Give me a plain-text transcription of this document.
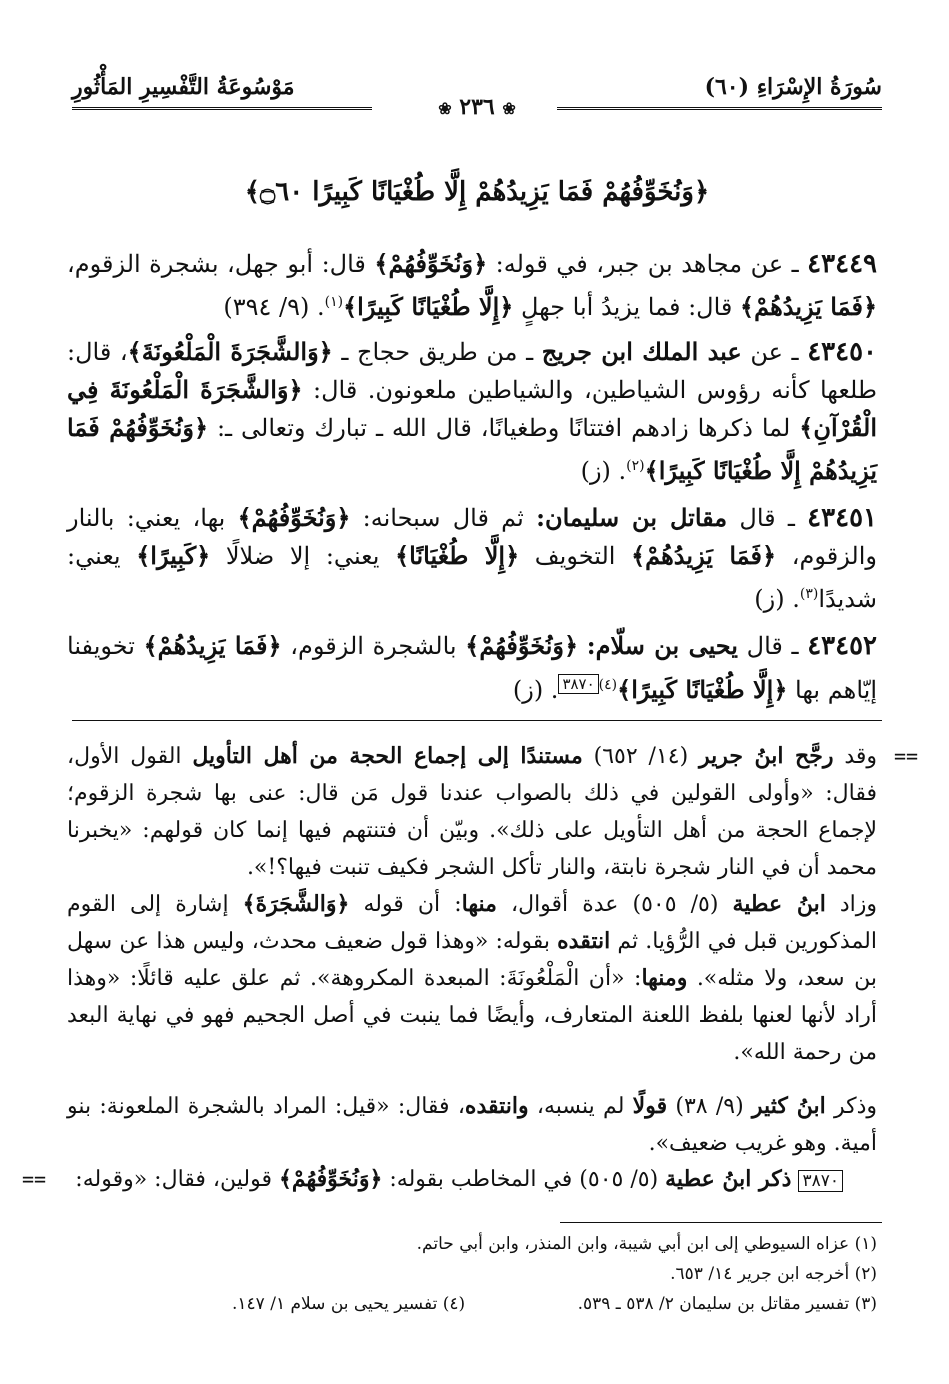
سُورَةُ الإِسْرَاءِ (٦٠)
مَوْسُوعَةُ التَّفْسِيرِ المَأْثُورِ
❀ ٢٣٦ ❀
﴿وَنُخَوِّفُهُمْ فَمَا يَزِيدُهُمْ إِلَّا طُغْيَانًا كَبِيرًا ۝٦٠﴾
٤٣٤٤٩ ـ عن مجاهد بن جبر، في قوله: ﴿وَنُخَوِّفُهُمْ﴾ قال: أبو جهل، بشجرة الزقوم، ﴿فَمَا يَزِيدُهُمْ﴾ قال: فما يزيدُ أبا جهلٍ ﴿إِلَّا طُغْيَانًا كَبِيرًا﴾$^{(١)}$. (٩/ ٣٩٤)
٤٣٤٥٠ ـ عن عبد الملك ابن جريج ـ من طريق حجاج ـ ﴿وَالشَّجَرَةَ الْمَلْعُونَةَ﴾، قال: طلعها كأنه رؤوس الشياطين، والشياطين ملعونون. قال: ﴿وَالشَّجَرَةَ الْمَلْعُونَةَ فِي الْقُرْآنِ﴾ لما ذكرها زادهم افتتانًا وطغيانًا، قال الله ـ تبارك وتعالى ـ: ﴿وَنُخَوِّفُهُمْ فَمَا يَزِيدُهُمْ إِلَّا طُغْيَانًا كَبِيرًا﴾$^{(٢)}$. (ز)
٤٣٤٥١ ـ قال مقاتل بن سليمان: ثم قال سبحانه: ﴿وَنُخَوِّفُهُمْ﴾ بها، يعني: بالنار والزقوم، ﴿فَمَا يَزِيدُهُمْ﴾ التخويف ﴿إِلَّا طُغْيَانًا﴾ يعني: إلا ضلالًا ﴿كَبِيرًا﴾ يعني: شديدًا$^{(٣)}$. (ز)
٤٣٤٥٢ ـ قال يحيى بن سلّام: ﴿وَنُخَوِّفُهُمْ﴾ بالشجرة الزقوم، ﴿فَمَا يَزِيدُهُمْ﴾ تخويفنا إيّاهم بها ﴿إِلَّا طُغْيَانًا كَبِيرًا﴾$^{(٤)٣٨٧٠}$. (ز)
==
وقد رجَّح ابنُ جرير (١٤/ ٦٥٢) مستندًا إلى إجماع الحجة من أهل التأويل القول الأول، فقال: «وأولى القولين في ذلك بالصواب عندنا قول مَن قال: عنى بها شجرة الزقوم؛ لإجماع الحجة من أهل التأويل على ذلك». وبيّن أن فتنتهم فيها إنما كان قولهم: «يخبرنا محمد أن في النار شجرة نابتة، والنار تأكل الشجر فكيف تنبت فيها؟!».
وزاد ابنُ عطية (٥/ ٥٠٥) عدة أقوال، منها: أن قوله ﴿وَالشَّجَرَةَ﴾ إشارة إلى القوم المذكورين قبل في الرُّؤيا. ثم انتقده بقوله: «وهذا قول ضعيف محدث، وليس هذا عن سهل بن سعد، ولا مثله». ومنها: «أن الْمَلْعُونَةَ: المبعدة المكروهة». ثم علق عليه قائلًا: «وهذا أراد لأنها لعنها بلفظ اللعنة المتعارف، وأيضًا فما ينبت في أصل الجحيم فهو في نهاية البعد من رحمة الله».
وذكر ابنُ كثير (٩/ ٣٨) قولًا لم ينسبه، وانتقده، فقال: «قيل: المراد بالشجرة الملعونة: بنو أمية. وهو غريب ضعيف».
٣٨٧٠ ذكر ابنُ عطية (٥/ ٥٠٥) في المخاطب بقوله: ﴿وَنُخَوِّفُهُمْ﴾ قولين، فقال: «وقوله:
==
(١) عزاه السيوطي إلى ابن أبي شيبة، وابن المنذر، وابن أبي حاتم.
(٢) أخرجه ابن جرير ١٤/ ٦٥٣.
(٣) تفسير مقاتل بن سليمان ٢/ ٥٣٨ ـ ٥٣٩.
(٤) تفسير يحيى بن سلام ١/ ١٤٧.
